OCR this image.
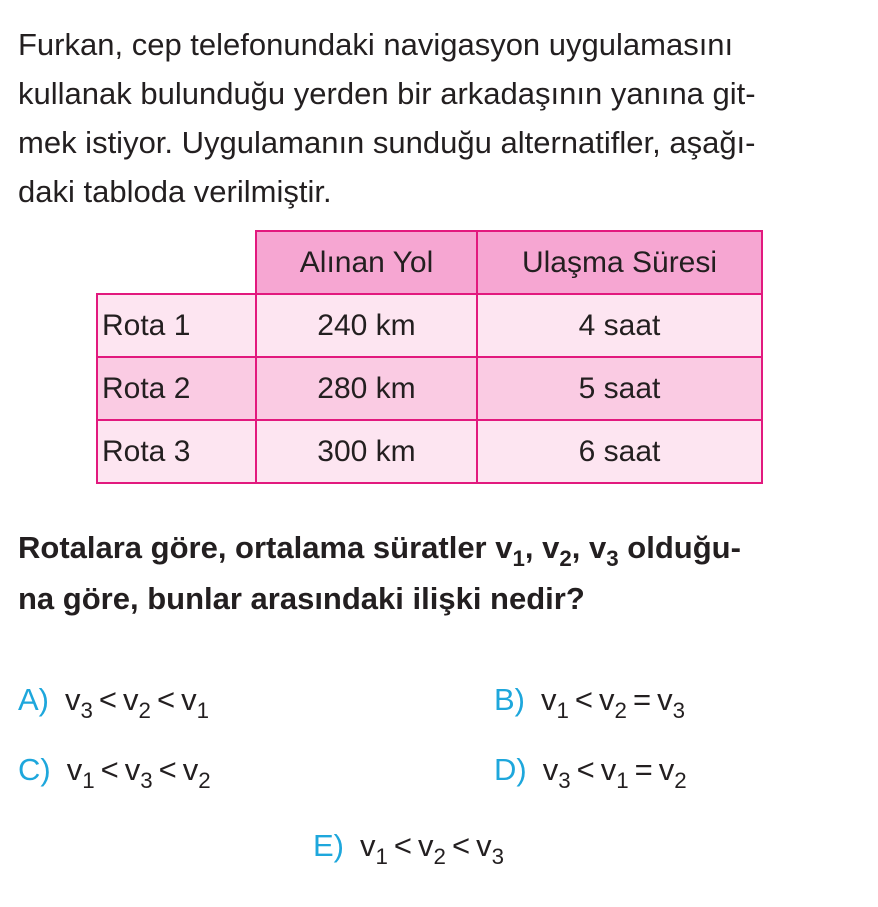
Furkan, cep telefonundaki navigasyon uygulamasını
kullanak bulunduğu yerden bir arkadaşının yanına git-
mek istiyor. Uygulamanın sunduğu alternatifler, aşağı-
daki tabloda verilmiştir.

	Alınan Yol	Ulaşma Süresi
Rota 1	240 km	4 saat
Rota 2	280 km	5 saat
Rota 3	300 km	6 saat

Rotalara göre, ortalama süratler $v_1$, $v_2$, $v_3$ olduğu-
na göre, bunlar arasındaki ilişki nedir?

A) $v_3 < v_2 < v_1$	B) $v_1 < v_2 = v_3$
C) $v_1 < v_3 < v_2$	D) $v_3 < v_1 = v_2$
E) $v_1 < v_2 < v_3$
